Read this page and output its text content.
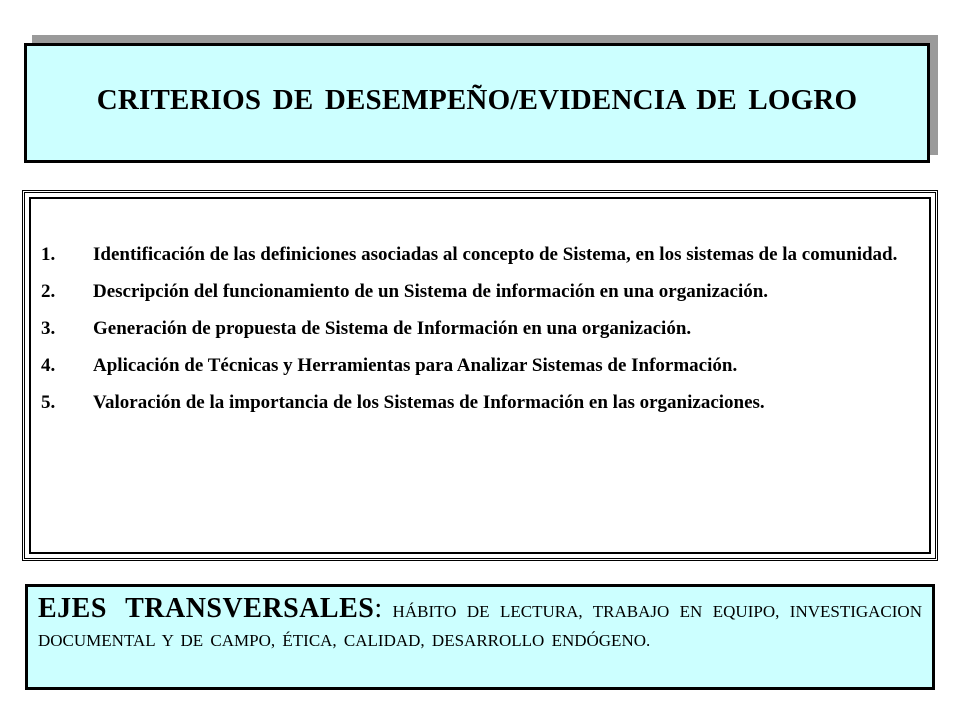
CRITERIOS DE DESEMPEÑO/EVIDENCIA DE LOGRO
1.	Identificación de las definiciones asociadas al concepto de Sistema, en los sistemas de la comunidad.
2.	Descripción del funcionamiento de un Sistema de información en una organización.
3.	Generación de propuesta de Sistema de Información en una organización.
4.	Aplicación de Técnicas y Herramientas para Analizar Sistemas de Información.
5.	Valoración de la importancia de los Sistemas de Información en las organizaciones.
EJES TRANSVERSALES: HÁBITO DE LECTURA, TRABAJO EN EQUIPO, INVESTIGACION DOCUMENTAL Y DE CAMPO, ÉTICA, CALIDAD, DESARROLLO ENDÓGENO.
